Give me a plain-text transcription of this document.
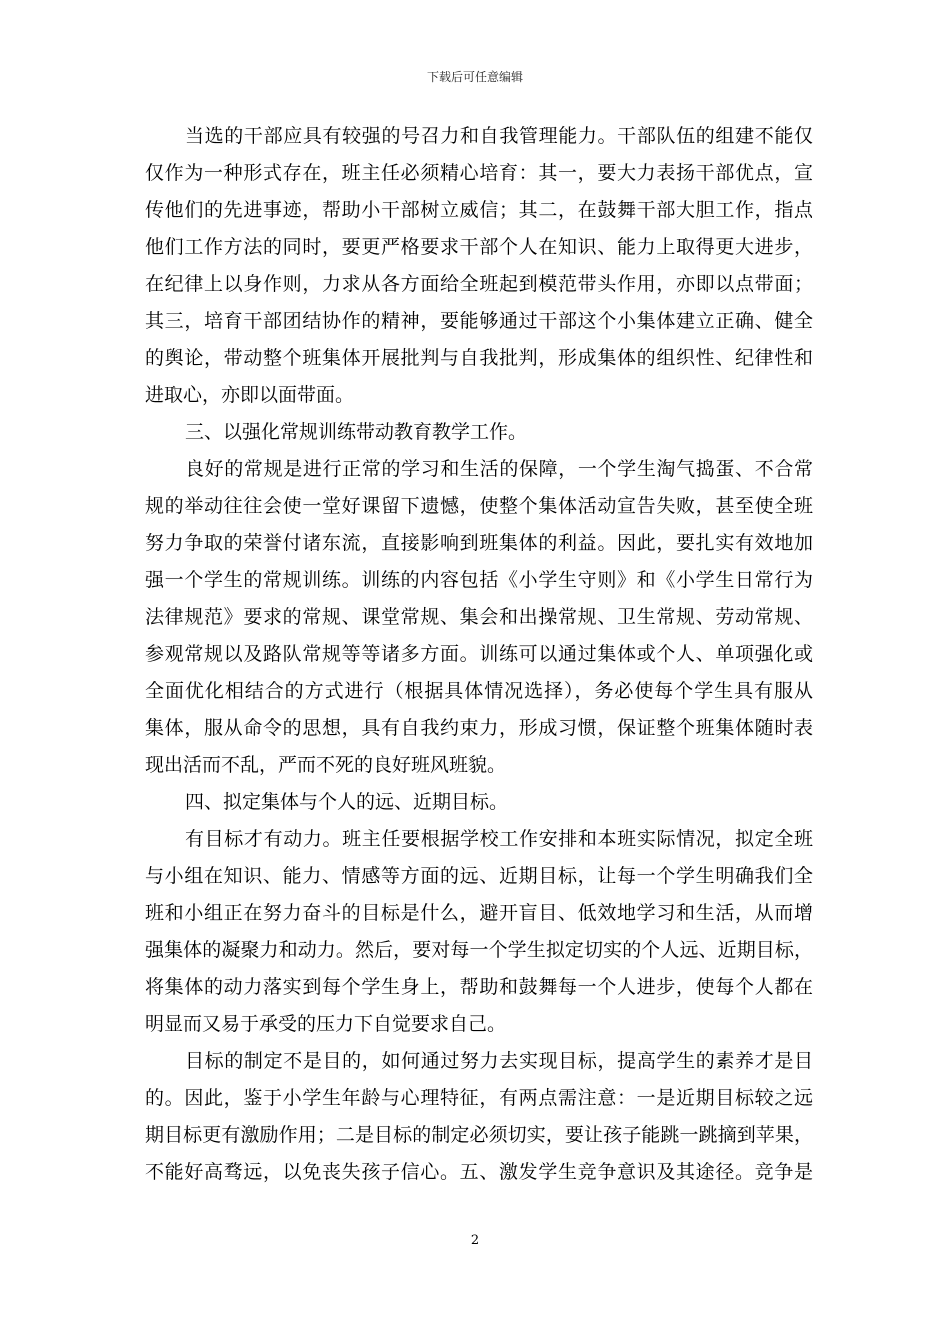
下载后可任意编辑
当选的干部应具有较强的号召力和自我管理能力。干部队伍的组建不能仅
仅作为一种形式存在，班主任必须精心培育：其一，要大力表扬干部优点，宣
传他们的先进事迹，帮助小干部树立威信；其二，在鼓舞干部大胆工作，指点
他们工作方法的同时，要更严格要求干部个人在知识、能力上取得更大进步，
在纪律上以身作则，力求从各方面给全班起到模范带头作用，亦即以点带面；
其三，培育干部团结协作的精神，要能够通过干部这个小集体建立正确、健全
的舆论，带动整个班集体开展批判与自我批判，形成集体的组织性、纪律性和
进取心，亦即以面带面。
三、以强化常规训练带动教育教学工作。
良好的常规是进行正常的学习和生活的保障，一个学生淘气捣蛋、不合常
规的举动往往会使一堂好课留下遗憾，使整个集体活动宣告失败，甚至使全班
努力争取的荣誉付诸东流，直接影响到班集体的利益。因此，要扎实有效地加
强一个学生的常规训练。训练的内容包括《小学生守则》和《小学生日常行为
法律规范》要求的常规、课堂常规、集会和出操常规、卫生常规、劳动常规、
参观常规以及路队常规等等诸多方面。训练可以通过集体或个人、单项强化或
全面优化相结合的方式进行（根据具体情况选择），务必使每个学生具有服从
集体，服从命令的思想，具有自我约束力，形成习惯，保证整个班集体随时表
现出活而不乱，严而不死的良好班风班貌。
四、拟定集体与个人的远、近期目标。
有目标才有动力。班主任要根据学校工作安排和本班实际情况，拟定全班
与小组在知识、能力、情感等方面的远、近期目标，让每一个学生明确我们全
班和小组正在努力奋斗的目标是什么，避开盲目、低效地学习和生活，从而增
强集体的凝聚力和动力。然后，要对每一个学生拟定切实的个人远、近期目标，
将集体的动力落实到每个学生身上，帮助和鼓舞每一个人进步，使每个人都在
明显而又易于承受的压力下自觉要求自己。
目标的制定不是目的，如何通过努力去实现目标，提高学生的素养才是目
的。因此，鉴于小学生年龄与心理特征，有两点需注意：一是近期目标较之远
期目标更有激励作用；二是目标的制定必须切实，要让孩子能跳一跳摘到苹果，
不能好高骛远，以免丧失孩子信心。五、激发学生竞争意识及其途径。竞争是
2
